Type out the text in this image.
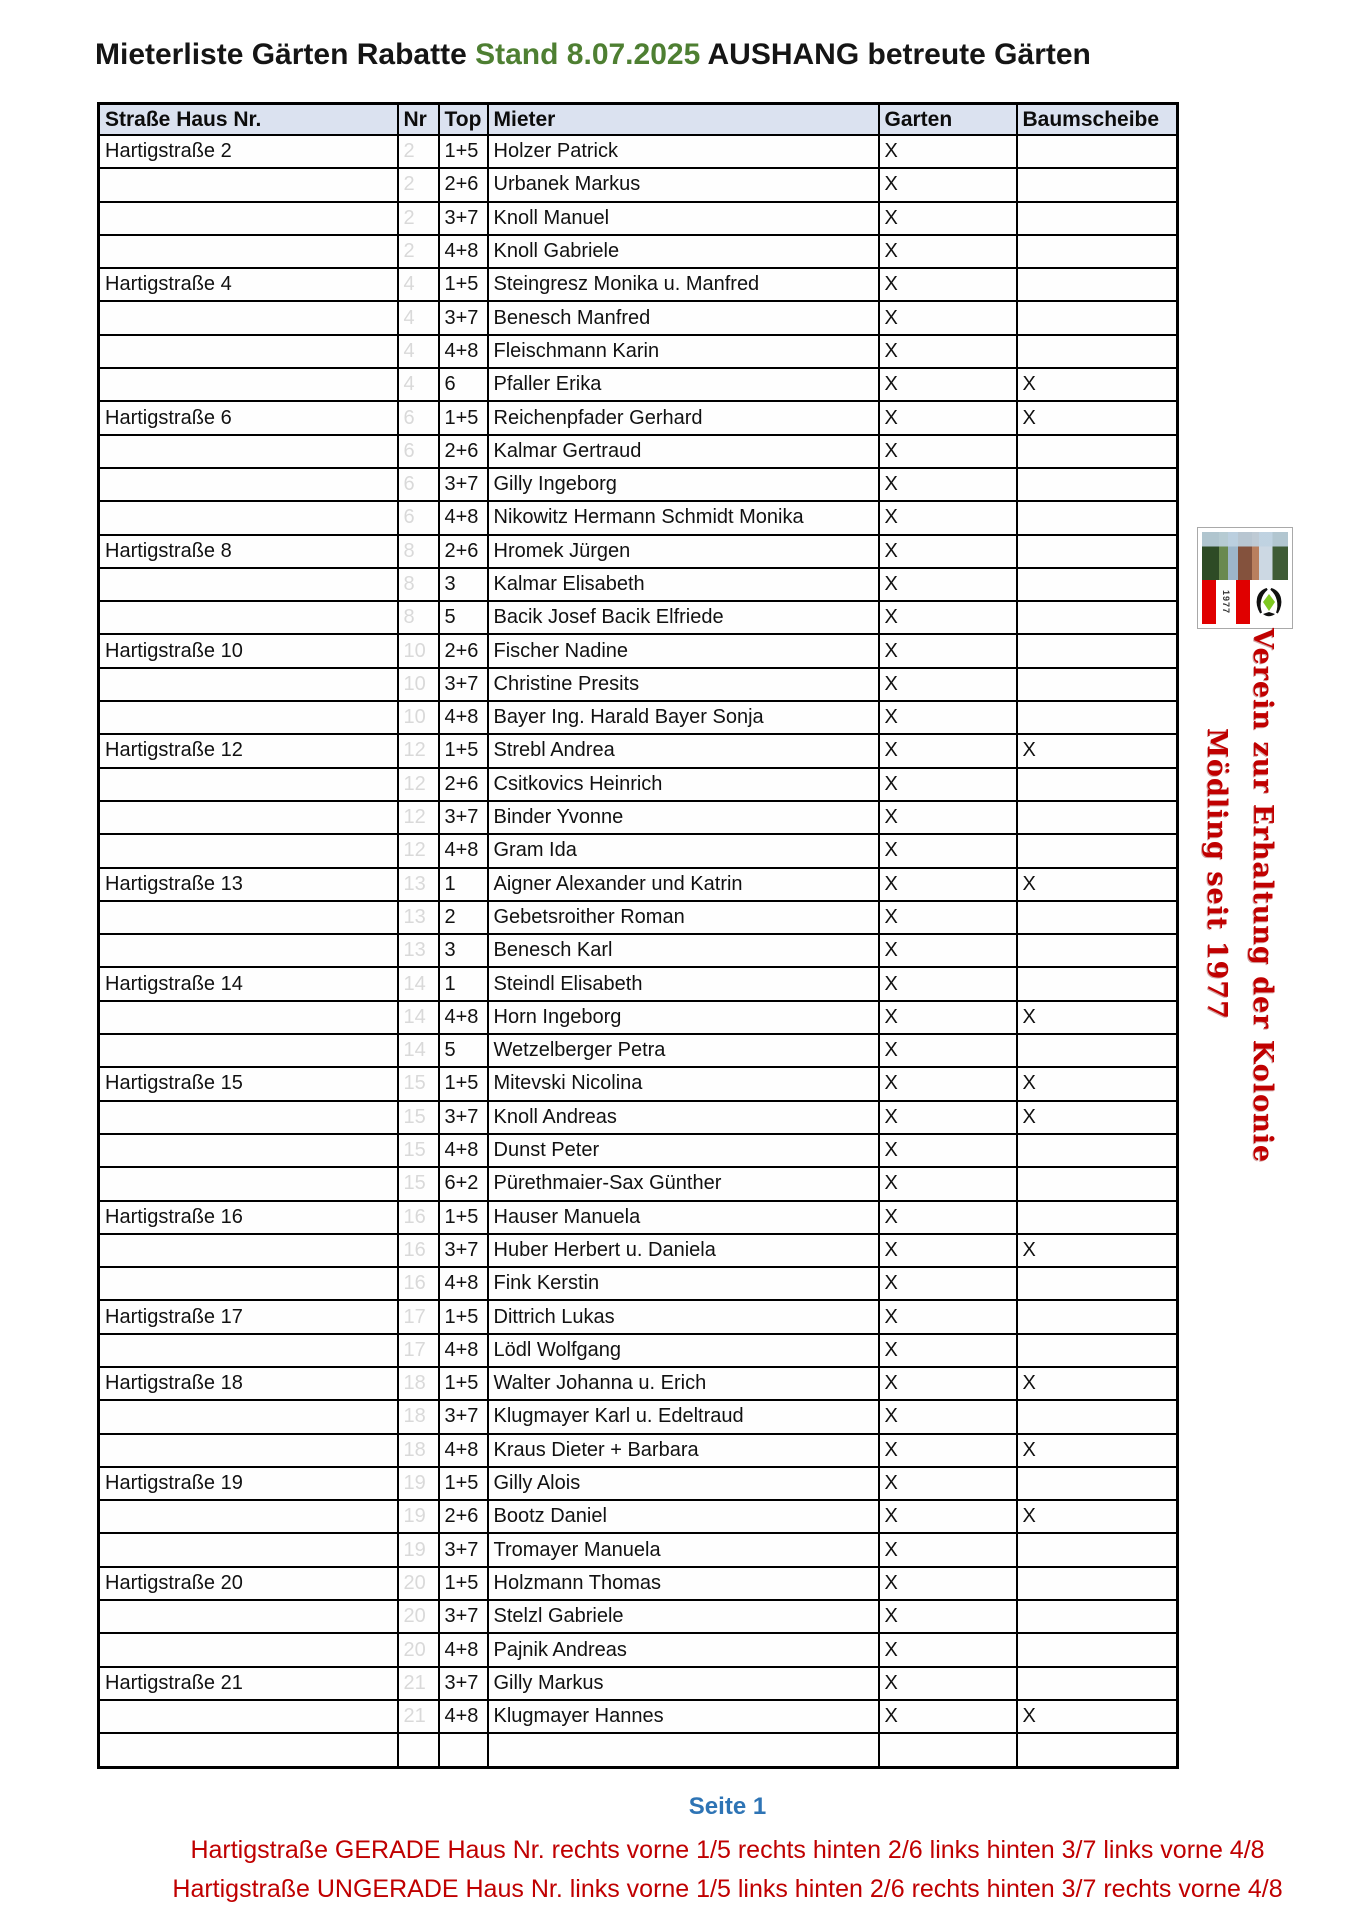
Mieterliste Gärten Rabatte Stand 8.07.2025 AUSHANG betreute Gärten
Straße Haus Nr.	Nr	Top	Mieter	Garten	Baumscheibe
Hartigstraße 2	2	1+5	Holzer Patrick	X	
	2	2+6	Urbanek Markus	X	
	2	3+7	Knoll Manuel	X	
	2	4+8	Knoll Gabriele	X	
Hartigstraße 4	4	1+5	Steingresz Monika u. Manfred	X	
	4	3+7	Benesch Manfred	X	
	4	4+8	Fleischmann Karin	X	
	4	6	Pfaller Erika	X	X
Hartigstraße 6	6	1+5	Reichenpfader Gerhard	X	X
	6	2+6	Kalmar Gertraud	X	
	6	3+7	Gilly Ingeborg	X	
	6	4+8	Nikowitz Hermann Schmidt Monika	X	
Hartigstraße 8	8	2+6	Hromek Jürgen	X	
	8	3	Kalmar Elisabeth	X	
	8	5	Bacik Josef Bacik Elfriede	X	
Hartigstraße 10	10	2+6	Fischer Nadine	X	
	10	3+7	Christine Presits	X	
	10	4+8	Bayer Ing. Harald Bayer Sonja	X	
Hartigstraße 12	12	1+5	Strebl Andrea	X	X
	12	2+6	Csitkovics Heinrich	X	
	12	3+7	Binder Yvonne	X	
	12	4+8	Gram Ida	X	
Hartigstraße 13	13	1	Aigner Alexander und Katrin	X	X
	13	2	Gebetsroither Roman	X	
	13	3	Benesch Karl	X	
Hartigstraße 14	14	1	Steindl Elisabeth	X	
	14	4+8	Horn Ingeborg	X	X
	14	5	Wetzelberger Petra	X	
Hartigstraße 15	15	1+5	Mitevski Nicolina	X	X
	15	3+7	Knoll Andreas	X	X
	15	4+8	Dunst Peter	X	
	15	6+2	Pürethmaier-Sax Günther	X	
Hartigstraße 16	16	1+5	Hauser Manuela	X	
	16	3+7	Huber Herbert u. Daniela	X	X
	16	4+8	Fink Kerstin	X	
Hartigstraße 17	17	1+5	Dittrich Lukas	X	
	17	4+8	Lödl Wolfgang	X	
Hartigstraße 18	18	1+5	Walter Johanna u. Erich	X	X
	18	3+7	Klugmayer Karl u. Edeltraud	X	
	18	4+8	Kraus Dieter + Barbara	X	X
Hartigstraße 19	19	1+5	Gilly Alois	X	
	19	2+6	Bootz Daniel	X	X
	19	3+7	Tromayer Manuela	X	
Hartigstraße 20	20	1+5	Holzmann Thomas	X	
	20	3+7	Stelzl Gabriele	X	
	20	4+8	Pajnik Andreas	X	
Hartigstraße 21	21	3+7	Gilly Markus	X	
	21	4+8	Klugmayer Hannes	X	X

1977
Verein zur Erhaltung der Kolonie
Mödling seit 1977
Seite 1
Hartigstraße GERADE Haus Nr. rechts vorne 1/5 rechts hinten 2/6 links hinten 3/7 links vorne 4/8
Hartigstraße UNGERADE Haus Nr. links vorne 1/5 links hinten 2/6 rechts hinten 3/7 rechts vorne 4/8
